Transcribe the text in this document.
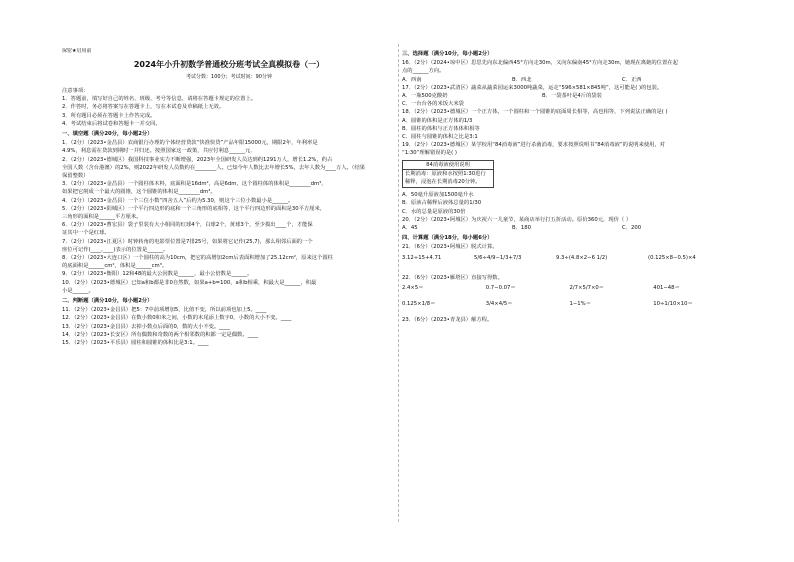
保密★启用前
2024年小升初数学普通校分班考试全真模拟卷（一）
考试分数：100分；考试时间：90分钟
注意事项：
1．答题前，填写好自己的姓名、班级、考号等信息，请将在答题卡规定的位置上。
2．作答时，务必将答案写在答题卡上，写在本试卷及草稿纸上无效。
3．所有题目必须在答题卡上作答完成。
4．考试结束后将试卷和答题卡一并交回。
一、填空题（满分20分，每小题2分）
1．（2分）（2023•金昌县）农商银行办理的个体经营贷款“快准快贷”产品年限15000元，期限2年，年利率是
4.9%，利息需在贷款到期时一并归还。按照国家这一政策，共应付利息______元．
2．（2分）（2023•德城区）我国科技事业实力不断增强，2023年全国研发人员达到约1291万人，增长1.2%，约占
全国人数（含台港澳）的2%，则2022年研发人员数约在________人。已知今年人数比去年增长5%，去年人数为____万人。（结果
保留整数）
3．（2分）（2023•金昌县）一个圆柱体木料，底面积是16dm²，高是6dm，这个圆柱体的体积是________dm³，
如果把它削成一个最大的圆锥，这个圆锥的体积是________dm³。
4．（2分）（2023•金昌县）一个三位小数“四舍五入”后约为5.30，则这个三位小数最小是______。
5．（2分）（2023•阳城区）一个平行四边形的底和一个三角形的底相等，这个平行四边形的面积是30平方厘米，
三角形的面积是______平方厘米。
6．（2分）（2023•曹宏县）袋子里装有大小相同的红球4个，白球2个，黄球3个，至少摸出____个，才能保
证其中一个是红球。
7．（2分）（2023•江夏区）时钟转角的电影票位置是7排25号，如果将它记作(25,7)，那么相邻后面的一个
座位可记作(____,____)表示的位置是______。
8．（2分）（2023•大连口区）一个圆柱的高为10cm，把它的高增加2cm后表面积增加了25.12cm²，原来这个圆柱
的底面积是______cm²，体积是______cm³。
9．（2分）（2023•衡阳）12和48的最大公因数是______，最小公倍数是______。
10．（2分）（2023•德城区）已知a和b都是非0自然数，如果a+b=100，a和b相乘，积最大是______，积最
小是______。
二、判断题（满分10分，每小题2分）
11．（2分）（2023•金昌县）把5：7中前项增加5，比值不变，所以前项也加上5。____
12．（2分）（2023•金昌县）在数小数0和米之间，小数的末尾添上数字0，小数的大小不变。____
13．（2分）（2023•金昌县）去掉小数点后面的0，数的大小不变。____
14．（2分）（2023•长安区）所有偶数和奇数的两个相邻数的积都一定是偶数。____
15．（2分）（2023•平乐县）圆柱和圆锥的体积比是3:1。____
三、选择题（满分10分，每小题2分）
16．（2分）（2024•琼中区）思思先向东北偏西45°方向走30m，又向东偏南45°方向走30m，她现在离她的位置在起
点的______方向。
A．西南	B．西北	C．正西
17．（2分）（2023•武清区）蔬菜从蔬菜园运来3000吨蔬菜，运走“596×581×845吨”，这可能是( )的包装。
A．一瓶500克酸奶	B．一袋茶叶是4斤的袋装
C．一台台各的米饭大米袋
18．（2分）（2023•德城区）一个正方体，一个圆柱和一个圆锥的底面周长相等，高也相等，下列说法正确的是( )
A．圆锥的体积是正方体的1/3
B．圆柱的体积与正方体体积相等
C．圆柱与圆锥的体积之比是3:1
19．（2分）（2023•德城区）某学校用“84消毒液”进行杀菌消毒，要求按照说明书“84消毒液”的说明来使用，对
“1:30”理解错误的是( )
84消毒液使用说明
长期消毒：原液和水按照1:30进行稀释，浸泡在长期消毒20分钟。
A．50毫升原液加1500毫升水
B．原液占稀释后液体总量的1/30
C．水的总量是原液的30倍
20．（2分）（2023•阿城区）为庆祝六一儿童节，某商店举行打五折活动。原价360元，现价（ ）
A．45	B．180	C．200
四、计算题（满分18分，每小题6分）
21．（6分）（2023•阿城区）脱式计算。
3.12÷15+4.71	5/6÷4/9−1/3+7/3	9.3÷(4.8×2−6 1/2)	(0.125×8−0.5)×4
22．（6分）（2023•雁塔区）直接写得数。
2.4×5＝	0.7−0.07＝	2/7×5/7×0＝	401−48＝
0.125×1/8＝	3/4×4/5＝	1−1%＝	10÷1/10×10＝
23．（6分）（2023•青龙县）解方程。
